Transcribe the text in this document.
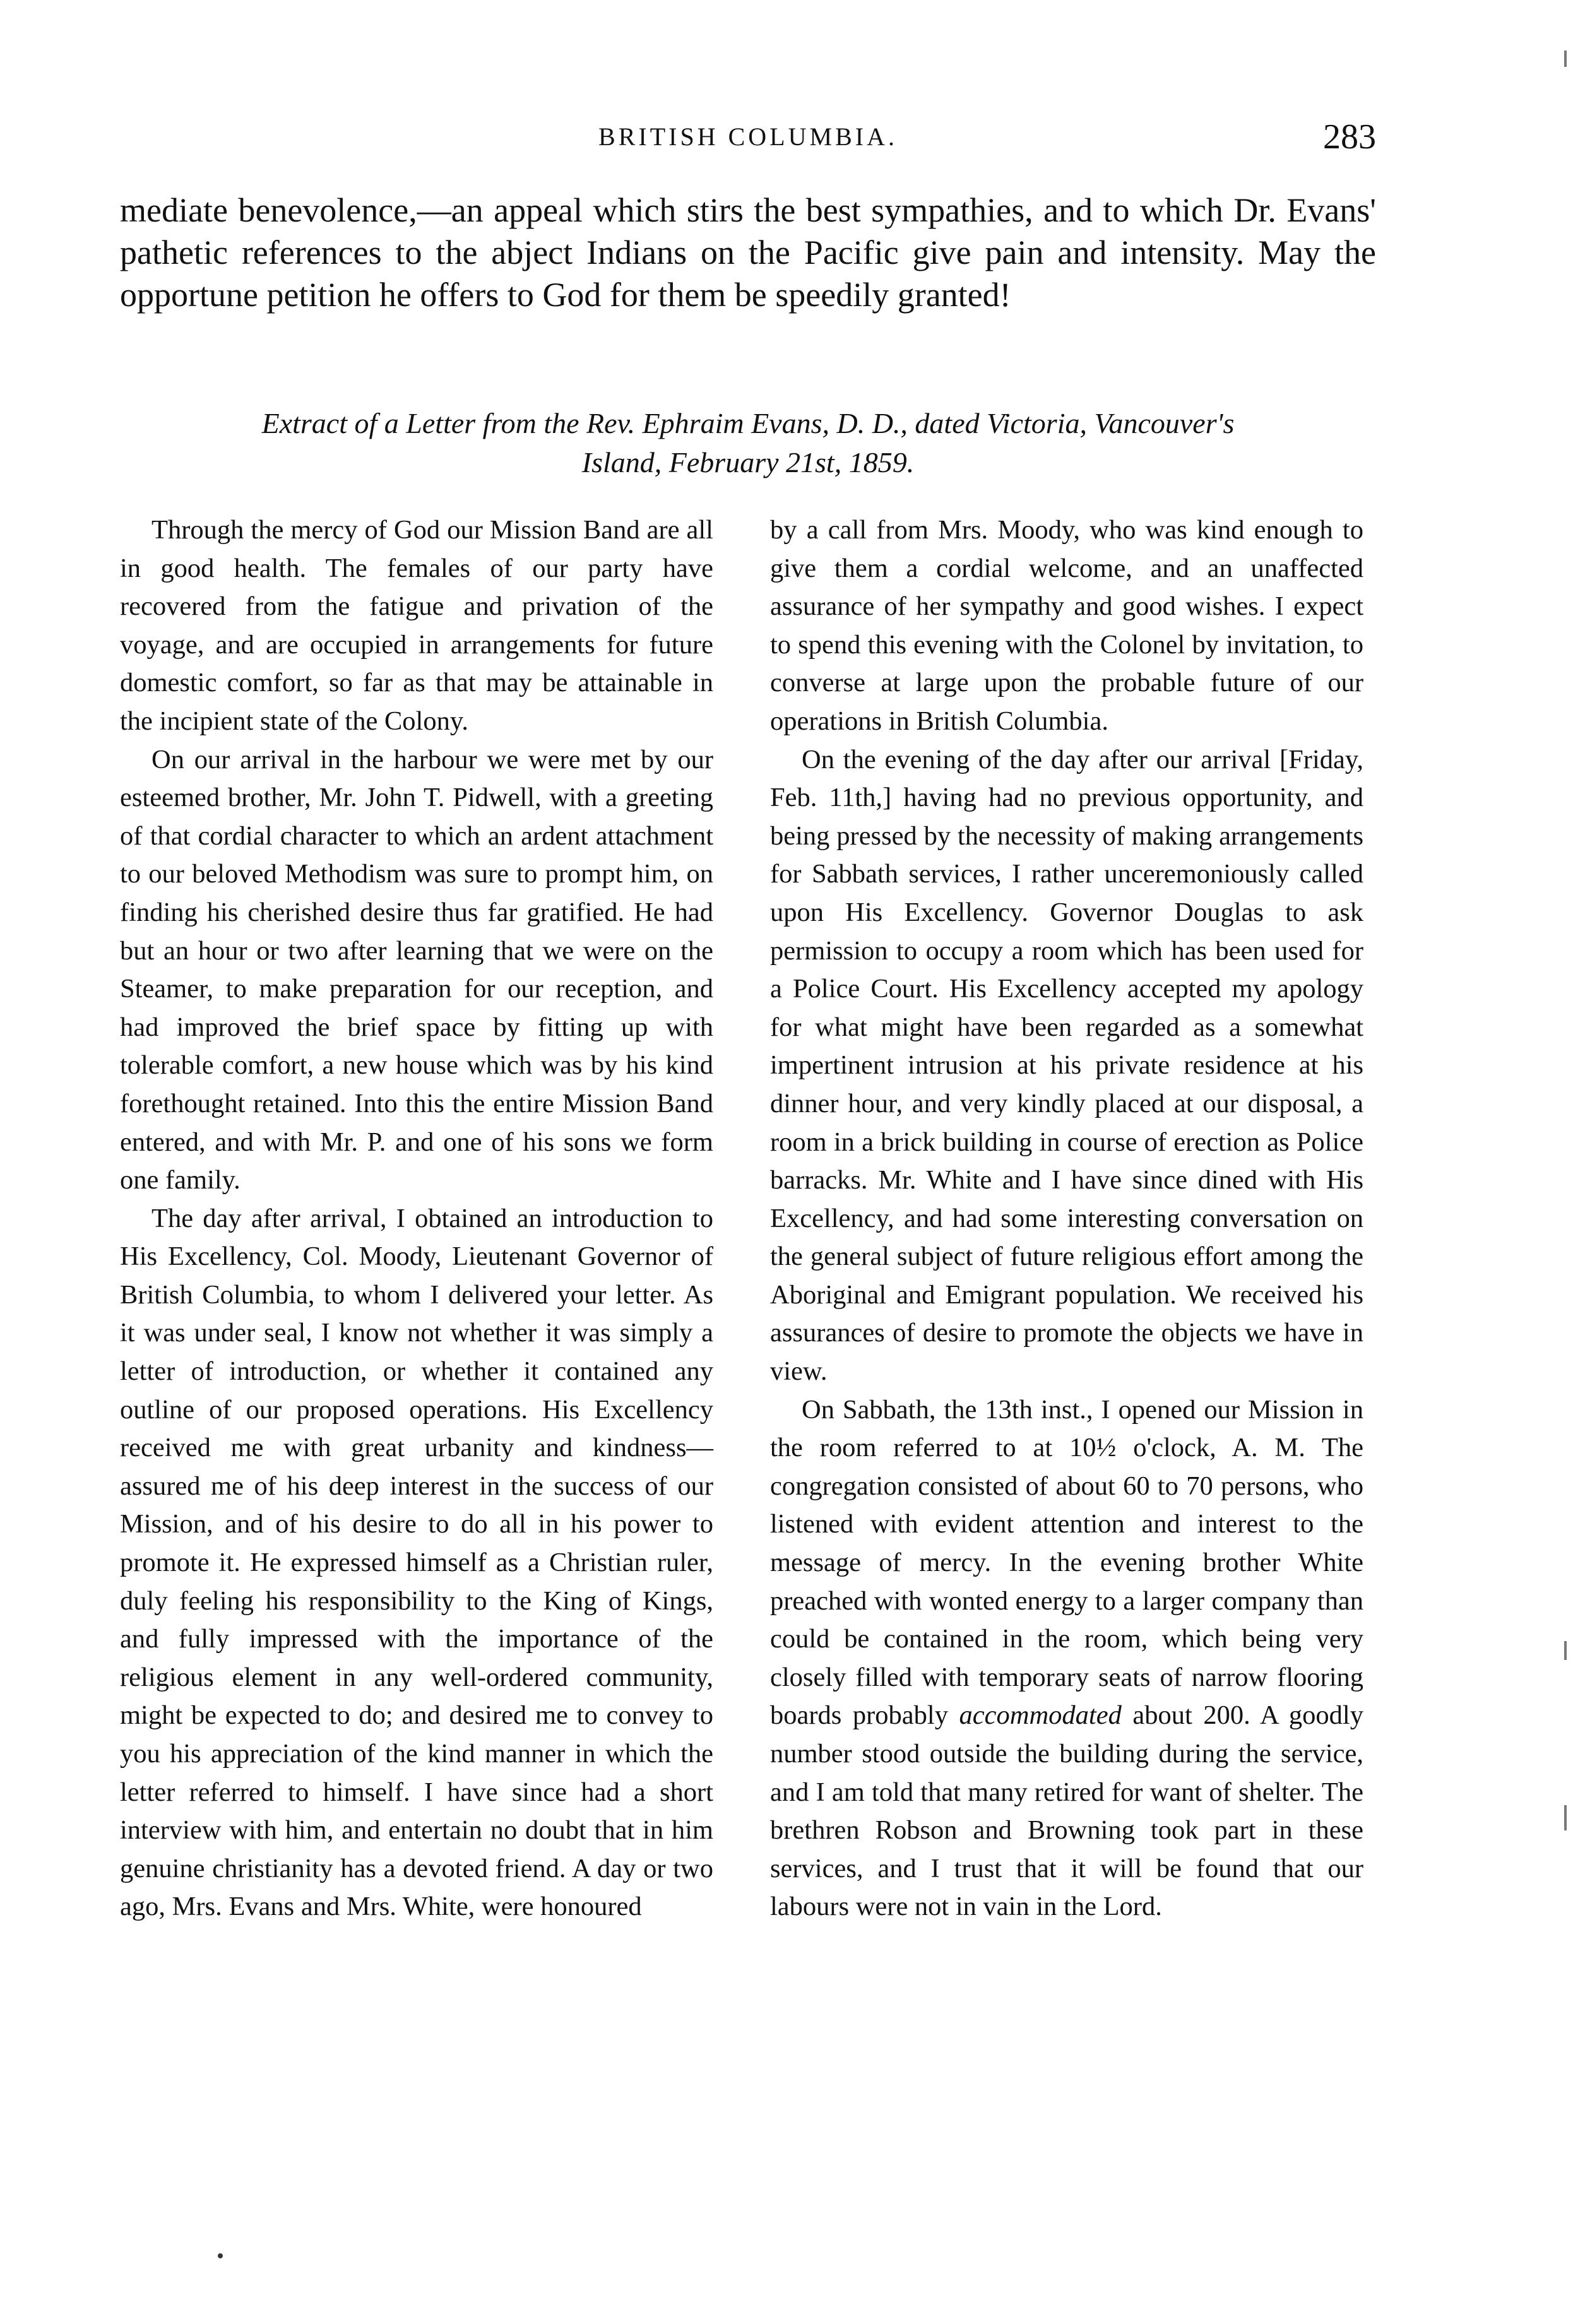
BRITISH COLUMBIA.	283

mediate benevolence,—an appeal which stirs the best sympathies, and to which Dr. Evans' pathetic references to the abject Indians on the Pacific give pain and intensity. May the opportune petition he offers to God for them be speedily granted!

Extract of a Letter from the Rev. Ephraim Evans, D. D., dated Victoria, Vancouver's
Island, February 21st, 1859.

Through the mercy of God our Mission Band are all in good health. The females of our party have recovered from the fatigue and privation of the voyage, and are occupied in arrangements for future domestic comfort, so far as that may be attainable in the incipient state of the Colony.

On our arrival in the harbour we were met by our esteemed brother, Mr. John T. Pidwell, with a greeting of that cordial character to which an ardent attachment to our beloved Methodism was sure to prompt him, on finding his cherished desire thus far gratified. He had but an hour or two after learning that we were on the Steamer, to make preparation for our reception, and had improved the brief space by fitting up with tolerable comfort, a new house which was by his kind forethought retained. Into this the entire Mission Band entered, and with Mr. P. and one of his sons we form one family.

The day after arrival, I obtained an introduction to His Excellency, Col. Moody, Lieutenant Governor of British Columbia, to whom I delivered your letter. As it was under seal, I know not whether it was simply a letter of introduction, or whether it contained any outline of our proposed operations. His Excellency received me with great urbanity and kindness—assured me of his deep interest in the success of our Mission, and of his desire to do all in his power to promote it. He expressed himself as a Christian ruler, duly feeling his responsibility to the King of Kings, and fully impressed with the importance of the religious element in any well-ordered community, might be expected to do; and desired me to convey to you his appreciation of the kind manner in which the letter referred to himself. I have since had a short interview with him, and entertain no doubt that in him genuine christianity has a devoted friend. A day or two ago, Mrs. Evans and Mrs. White, were honoured

by a call from Mrs. Moody, who was kind enough to give them a cordial welcome, and an unaffected assurance of her sympathy and good wishes. I expect to spend this evening with the Colonel by invitation, to converse at large upon the probable future of our operations in British Columbia.

On the evening of the day after our arrival [Friday, Feb. 11th,] having had no previous opportunity, and being pressed by the necessity of making arrangements for Sabbath services, I rather unceremoniously called upon His Excellency. Governor Douglas to ask permission to occupy a room which has been used for a Police Court. His Excellency accepted my apology for what might have been regarded as a somewhat impertinent intrusion at his private residence at his dinner hour, and very kindly placed at our disposal, a room in a brick building in course of erection as Police barracks. Mr. White and I have since dined with His Excellency, and had some interesting conversation on the general subject of future religious effort among the Aboriginal and Emigrant population. We received his assurances of desire to promote the objects we have in view.

On Sabbath, the 13th inst., I opened our Mission in the room referred to at 10½ o'clock, A. M. The congregation consisted of about 60 to 70 persons, who listened with evident attention and interest to the message of mercy. In the evening brother White preached with wonted energy to a larger company than could be contained in the room, which being very closely filled with temporary seats of narrow flooring boards probably accommodated about 200. A goodly number stood outside the building during the service, and I am told that many retired for want of shelter. The brethren Robson and Browning took part in these services, and I trust that it will be found that our labours were not in vain in the Lord.
